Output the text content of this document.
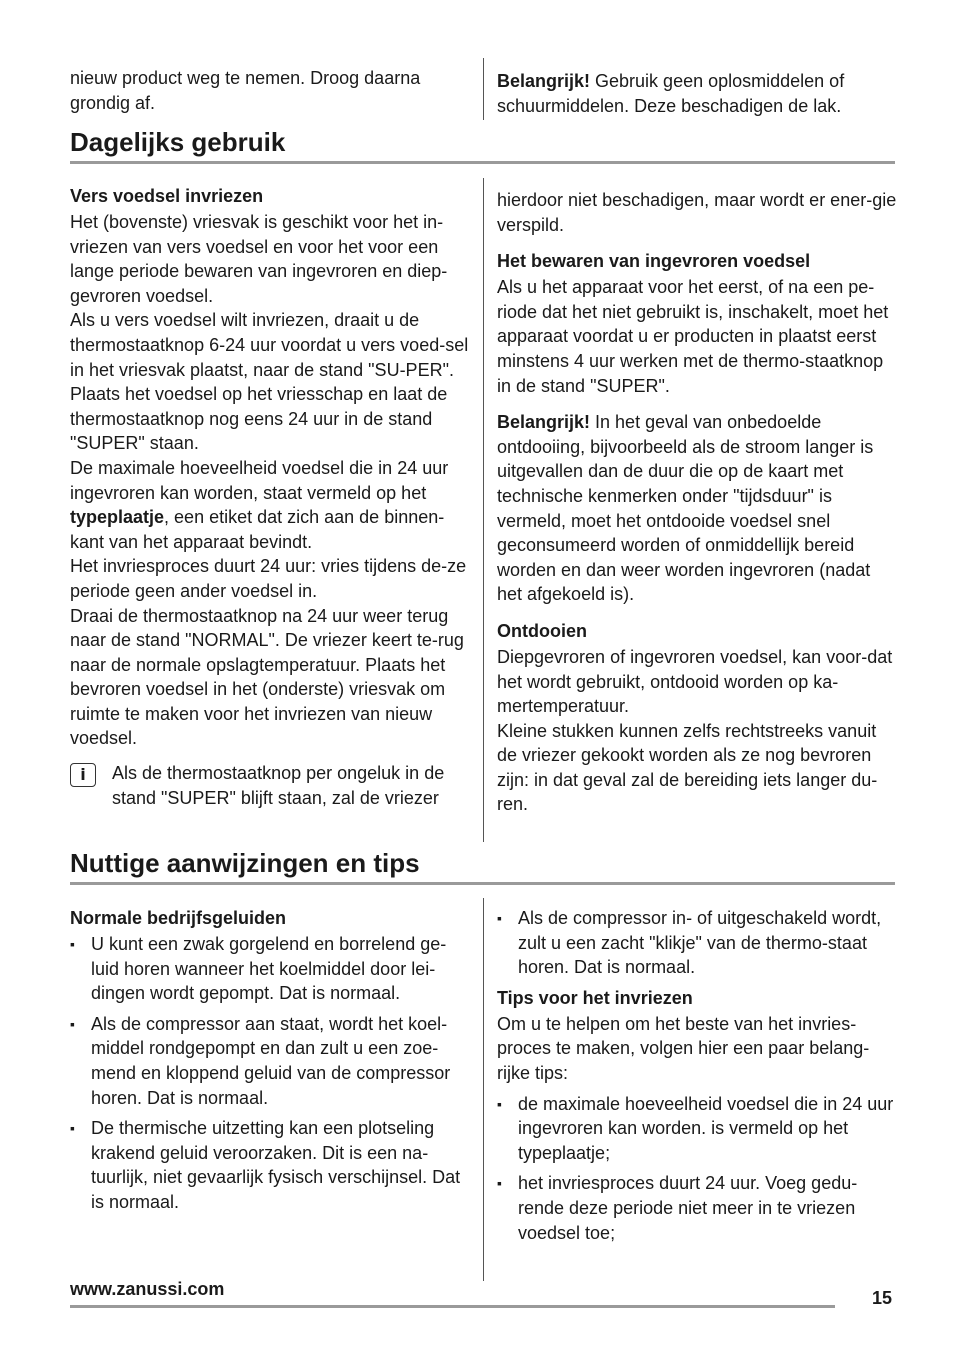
nieuw product weg te nemen. Droog daarna grondig af.

Belangrijk! Gebruik geen oplosmiddelen of schuurmiddelen. Deze beschadigen de lak.

Dagelijks gebruik
Vers voedsel invriezen

Het (bovenste) vriesvak is geschikt voor het in-vriezen van vers voedsel en voor het voor een lange periode bewaren van ingevroren en diep-gevroren voedsel.

Als u vers voedsel wilt invriezen, draait u de thermostaatknop 6-24 uur voordat u vers voed-sel in het vriesvak plaatst, naar de stand "SU-PER".

Plaats het voedsel op het vriesschap en laat de thermostaatknop nog eens 24 uur in de stand "SUPER" staan.

De maximale hoeveelheid voedsel die in 24 uur ingevroren kan worden, staat vermeld op het typeplaatje, een etiket dat zich aan de binnen-kant van het apparaat bevindt.

Het invriesproces duurt 24 uur: vries tijdens de-ze periode geen ander voedsel in.

Draai de thermostaatknop na 24 uur weer terug naar de stand "NORMAL". De vriezer keert te-rug naar de normale opslagtemperatuur. Plaats het bevroren voedsel in het (onderste) vriesvak om ruimte te maken voor het invriezen van nieuw voedsel.

i	Als de thermostaatknop per ongeluk in de stand "SUPER" blijft staan, zal de vriezer

hierdoor niet beschadigen, maar wordt er ener-gie verspild.

Het bewaren van ingevroren voedsel

Als u het apparaat voor het eerst, of na een pe-riode dat het niet gebruikt is, inschakelt, moet het apparaat voordat u er producten in plaatst eerst minstens 4 uur werken met de thermo-staatknop in de stand "SUPER".

Belangrijk! In het geval van onbedoelde ontdooiing, bijvoorbeeld als de stroom langer is uitgevallen dan de duur die op de kaart met technische kenmerken onder "tijdsduur" is vermeld, moet het ontdooide voedsel snel geconsumeerd worden of onmiddellijk bereid worden en dan weer worden ingevroren (nadat het afgekoeld is).

Ontdooien

Diepgevroren of ingevroren voedsel, kan voor-dat het wordt gebruikt, ontdooid worden op ka-mertemperatuur.

Kleine stukken kunnen zelfs rechtstreeks vanuit de vriezer gekookt worden als ze nog bevroren zijn: in dat geval zal de bereiding iets langer du-ren.

Nuttige aanwijzingen en tips
Normale bedrijfsgeluiden
▪ U kunt een zwak gorgelend en borrelend ge-luid horen wanneer het koelmiddel door lei-dingen wordt gepompt. Dat is normaal.
▪ Als de compressor aan staat, wordt het koel-middel rondgepompt en dan zult u een zoe-mend en kloppend geluid van de compressor horen. Dat is normaal.
▪ De thermische uitzetting kan een plotseling krakend geluid veroorzaken. Dit is een na-tuurlijk, niet gevaarlijk fysisch verschijnsel. Dat is normaal.
▪ Als de compressor in- of uitgeschakeld wordt, zult u een zacht "klikje" van de thermo-staat horen. Dat is normaal.
Tips voor het invriezen

Om u te helpen om het beste van het invries-proces te maken, volgen hier een paar belang-rijke tips:

▪ de maximale hoeveelheid voedsel die in 24 uur ingevroren kan worden. is vermeld op het typeplaatje;
▪ het invriesproces duurt 24 uur. Voeg gedu-rende deze periode niet meer in te vriezen voedsel toe;
www.zanussi.com	15
